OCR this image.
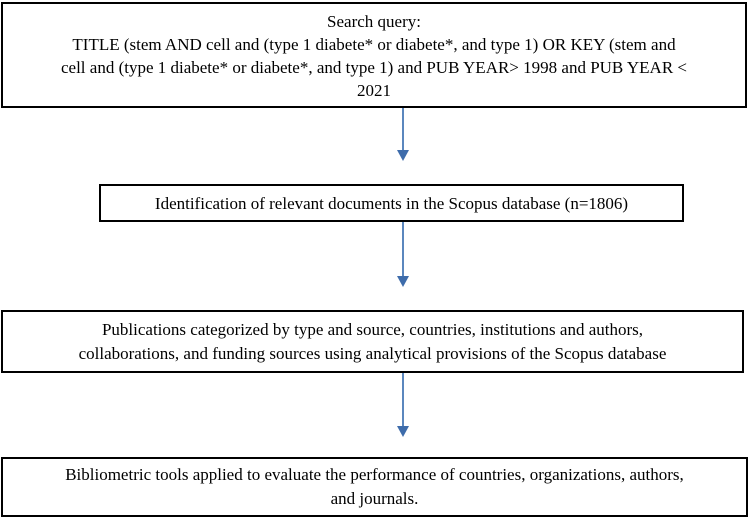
Search query:
TITLE (stem AND cell and (type 1 diabete* or diabete*, and type 1) OR KEY (stem and
cell and (type 1 diabete* or diabete*, and type 1) and PUB YEAR> 1998 and PUB YEAR <
2021
Identification of relevant documents in the Scopus database (n=1806)
Publications categorized by type and source, countries, institutions and authors,
collaborations, and funding sources using analytical provisions of the Scopus database
Bibliometric tools applied to evaluate the performance of countries, organizations, authors,
and journals.
